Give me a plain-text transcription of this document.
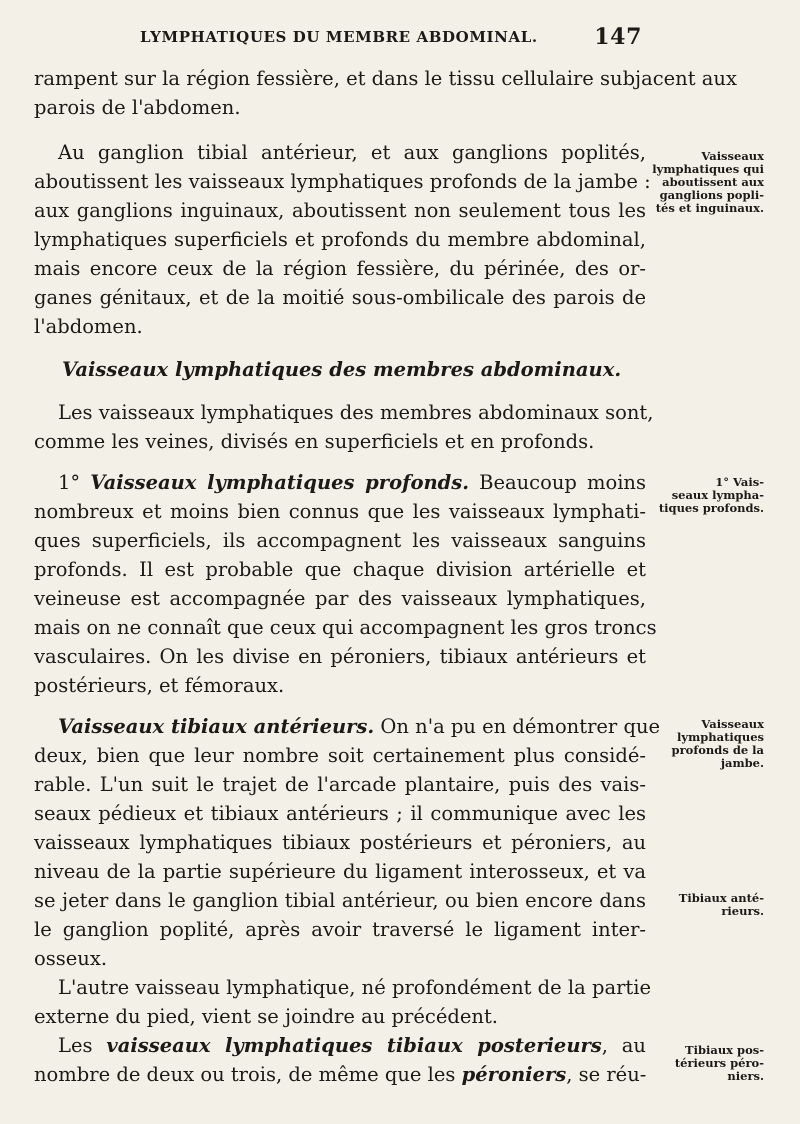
LYMPHATIQUES DU MEMBRE ABDOMINAL.	147
rampent sur la région fessière, et dans le tissu cellulaire subjacent aux
parois de l'abdomen.
Au ganglion tibial antérieur, et aux ganglions poplités,
aboutissent les vaisseaux lymphatiques profonds de la jambe :
aux ganglions inguinaux, aboutissent non seulement tous les
lymphatiques superficiels et profonds du membre abdominal,
mais encore ceux de la région fessière, du périnée, des or-
ganes génitaux, et de la moitié sous-ombilicale des parois de
l'abdomen.
Vaisseaux lymphatiques des membres abdominaux.
Les vaisseaux lymphatiques des membres abdominaux sont,
comme les veines, divisés en superficiels et en profonds.
1° Vaisseaux lymphatiques profonds. Beaucoup moins
nombreux et moins bien connus que les vaisseaux lymphati-
ques superficiels, ils accompagnent les vaisseaux sanguins
profonds. Il est probable que chaque division artérielle et
veineuse est accompagnée par des vaisseaux lymphatiques,
mais on ne connaît que ceux qui accompagnent les gros troncs
vasculaires. On les divise en péroniers, tibiaux antérieurs et
postérieurs, et fémoraux.
Vaisseaux tibiaux antérieurs. On n'a pu en démontrer que
deux, bien que leur nombre soit certainement plus considé-
rable. L'un suit le trajet de l'arcade plantaire, puis des vais-
seaux pédieux et tibiaux antérieurs ; il communique avec les
vaisseaux lymphatiques tibiaux postérieurs et péroniers, au
niveau de la partie supérieure du ligament interosseux, et va
se jeter dans le ganglion tibial antérieur, ou bien encore dans
le ganglion poplité, après avoir traversé le ligament inter-
osseux.
L'autre vaisseau lymphatique, né profondément de la partie
externe du pied, vient se joindre au précédent.
Les vaisseaux lymphatiques tibiaux posterieurs, au
nombre de deux ou trois, de même que les péroniers, se réu-
Vaisseaux
lymphatiques qui
aboutissent aux
ganglions popli-
tés et inguinaux.
1° Vais-
seaux lympha-
tiques profonds.
Vaisseaux
lymphatiques
profonds de la
jambe.
Tibiaux anté-
rieurs.
Tibiaux pos-
térieurs péro-
niers.
